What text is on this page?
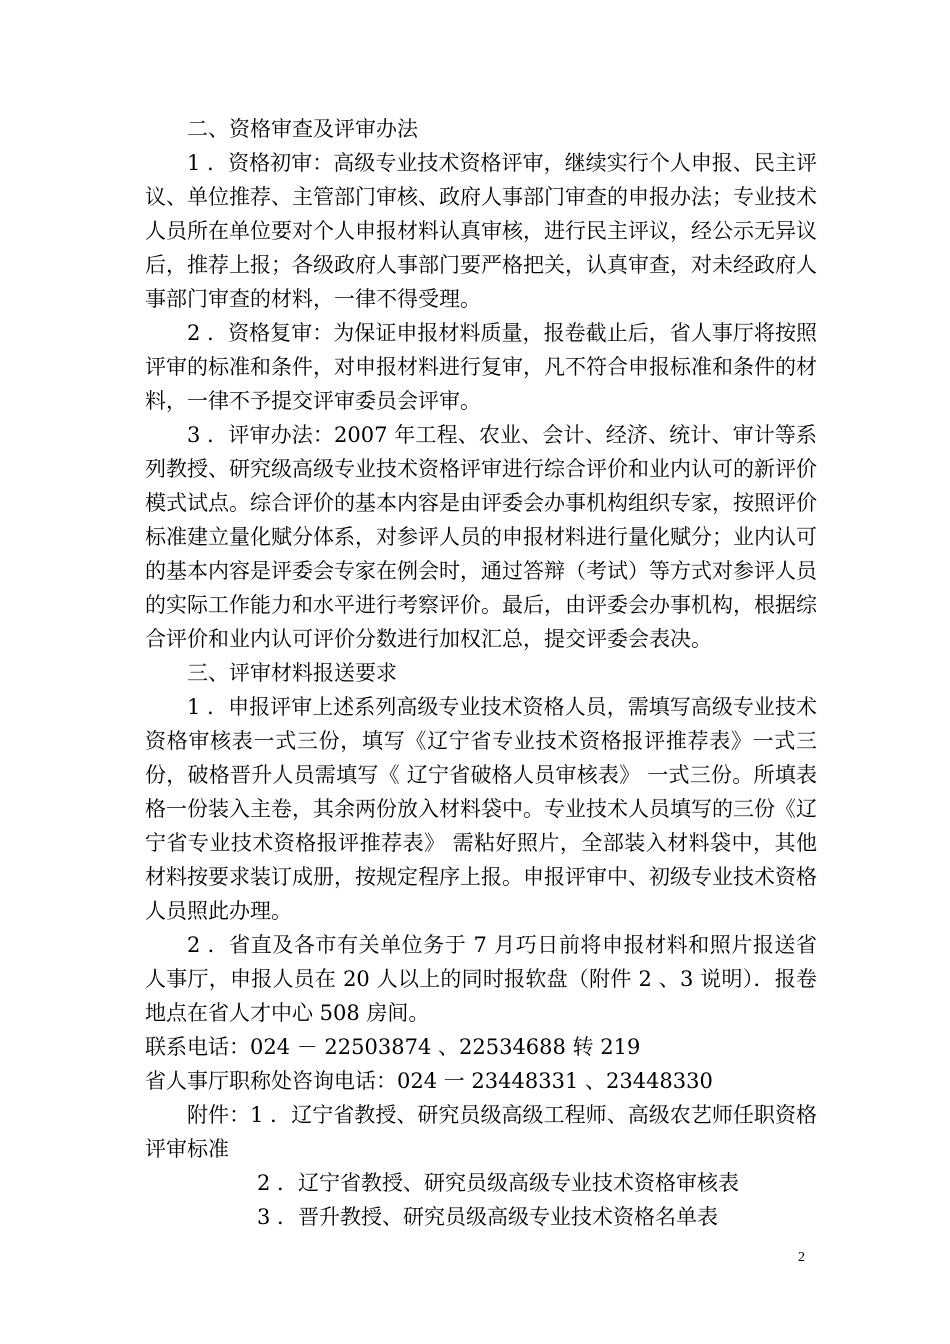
二、资格审查及评审办法

1 ．资格初审：高级专业技术资格评审，继续实行个人申报、民主评议、单位推荐、主管部门审核、政府人事部门审查的申报办法；专业技术人员所在单位要对个人申报材料认真审核，进行民主评议，经公示无异议后，推荐上报；各级政府人事部门要严格把关，认真审查，对未经政府人事部门审查的材料，一律不得受理。

2 ．资格复审：为保证申报材料质量，报卷截止后，省人事厅将按照评审的标准和条件，对申报材料进行复审，凡不符合申报标准和条件的材料，一律不予提交评审委员会评审。

3 ．评审办法：2007 年工程、农业、会计、经济、统计、审计等系列教授、研究级高级专业技术资格评审进行综合评价和业内认可的新评价模式试点。综合评价的基本内容是由评委会办事机构组织专家，按照评价标准建立量化赋分体系，对参评人员的申报材料进行量化赋分；业内认可的基本内容是评委会专家在例会时，通过答辩（考试）等方式对参评人员的实际工作能力和水平进行考察评价。最后，由评委会办事机构，根据综合评价和业内认可评价分数进行加权汇总，提交评委会表决。

三、评审材料报送要求

1 ．申报评审上述系列高级专业技术资格人员，需填写高级专业技术资格审核表一式三份，填写《辽宁省专业技术资格报评推荐表》一式三份，破格晋升人员需填写《 辽宁省破格人员审核表》 一式三份。所填表格一份装入主卷，其余两份放入材料袋中。专业技术人员填写的三份《辽宁省专业技术资格报评推荐表》 需粘好照片，全部装入材料袋中，其他材料按要求装订成册，按规定程序上报。申报评审中、初级专业技术资格人员照此办理。

2 ．省直及各市有关单位务于 7 月巧日前将申报材料和照片报送省人事厅，申报人员在 20 人以上的同时报软盘（附件 2 、3 说明）．报卷地点在省人才中心 508 房间。

联系电话：024 － 22503874 、22534688 转 219

省人事厅职称处咨询电话：024 一 23448331 、23448330

附件：1 ．辽宁省教授、研究员级高级工程师、高级农艺师任职资格评审标准

2 ．辽宁省教授、研究员级高级专业技术资格审核表

3 ．晋升教授、研究员级高级专业技术资格名单表

2
